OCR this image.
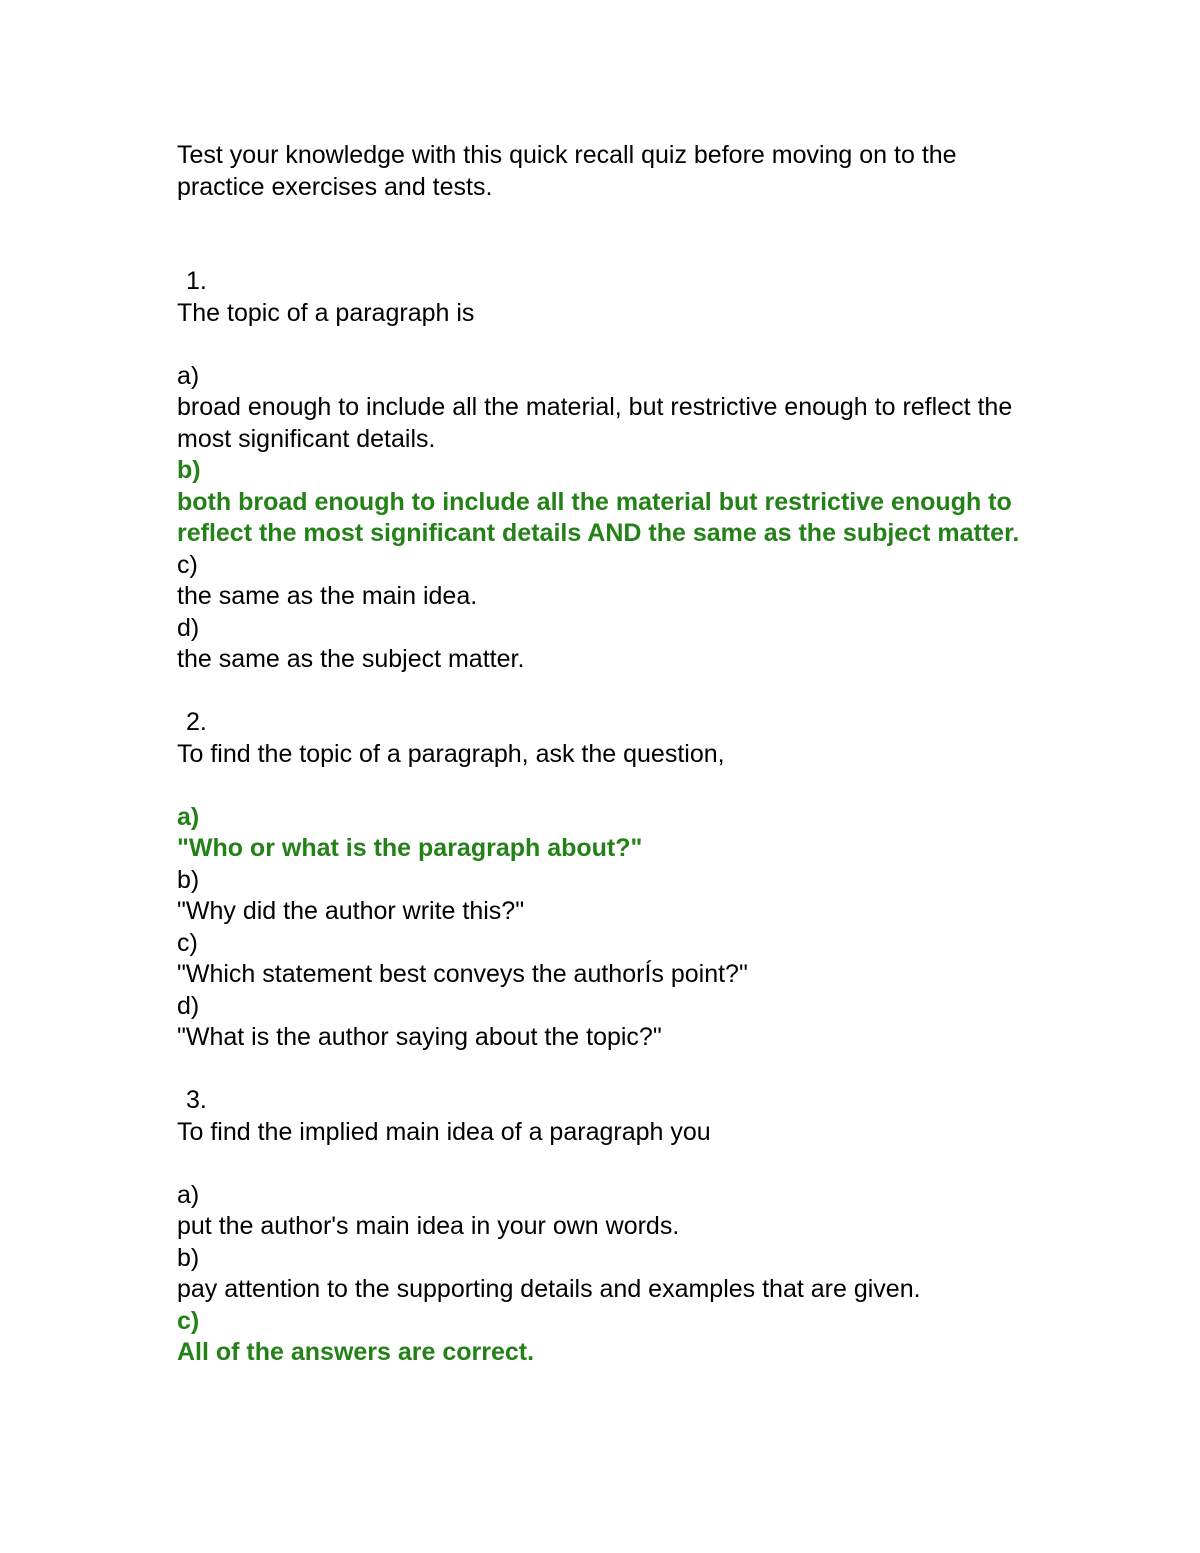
Test your knowledge with this quick recall quiz before moving on to the practice exercises and tests.

1.
The topic of a paragraph is
a)
broad enough to include all the material, but restrictive enough to reflect the most significant details.
b)
both broad enough to include all the material but restrictive enough to reflect the most significant details AND the same as the subject matter.
c)
the same as the main idea.
d)
the same as the subject matter.
2.
To find the topic of a paragraph, ask the question,
a)
"Who or what is the paragraph about?"
b)
"Why did the author write this?"
c)
"Which statement best conveys the authorÍs point?"
d)
"What is the author saying about the topic?"
3.
To find the implied main idea of a paragraph you
a)
put the author's main idea in your own words.
b)
pay attention to the supporting details and examples that are given.
c)
All of the answers are correct.
